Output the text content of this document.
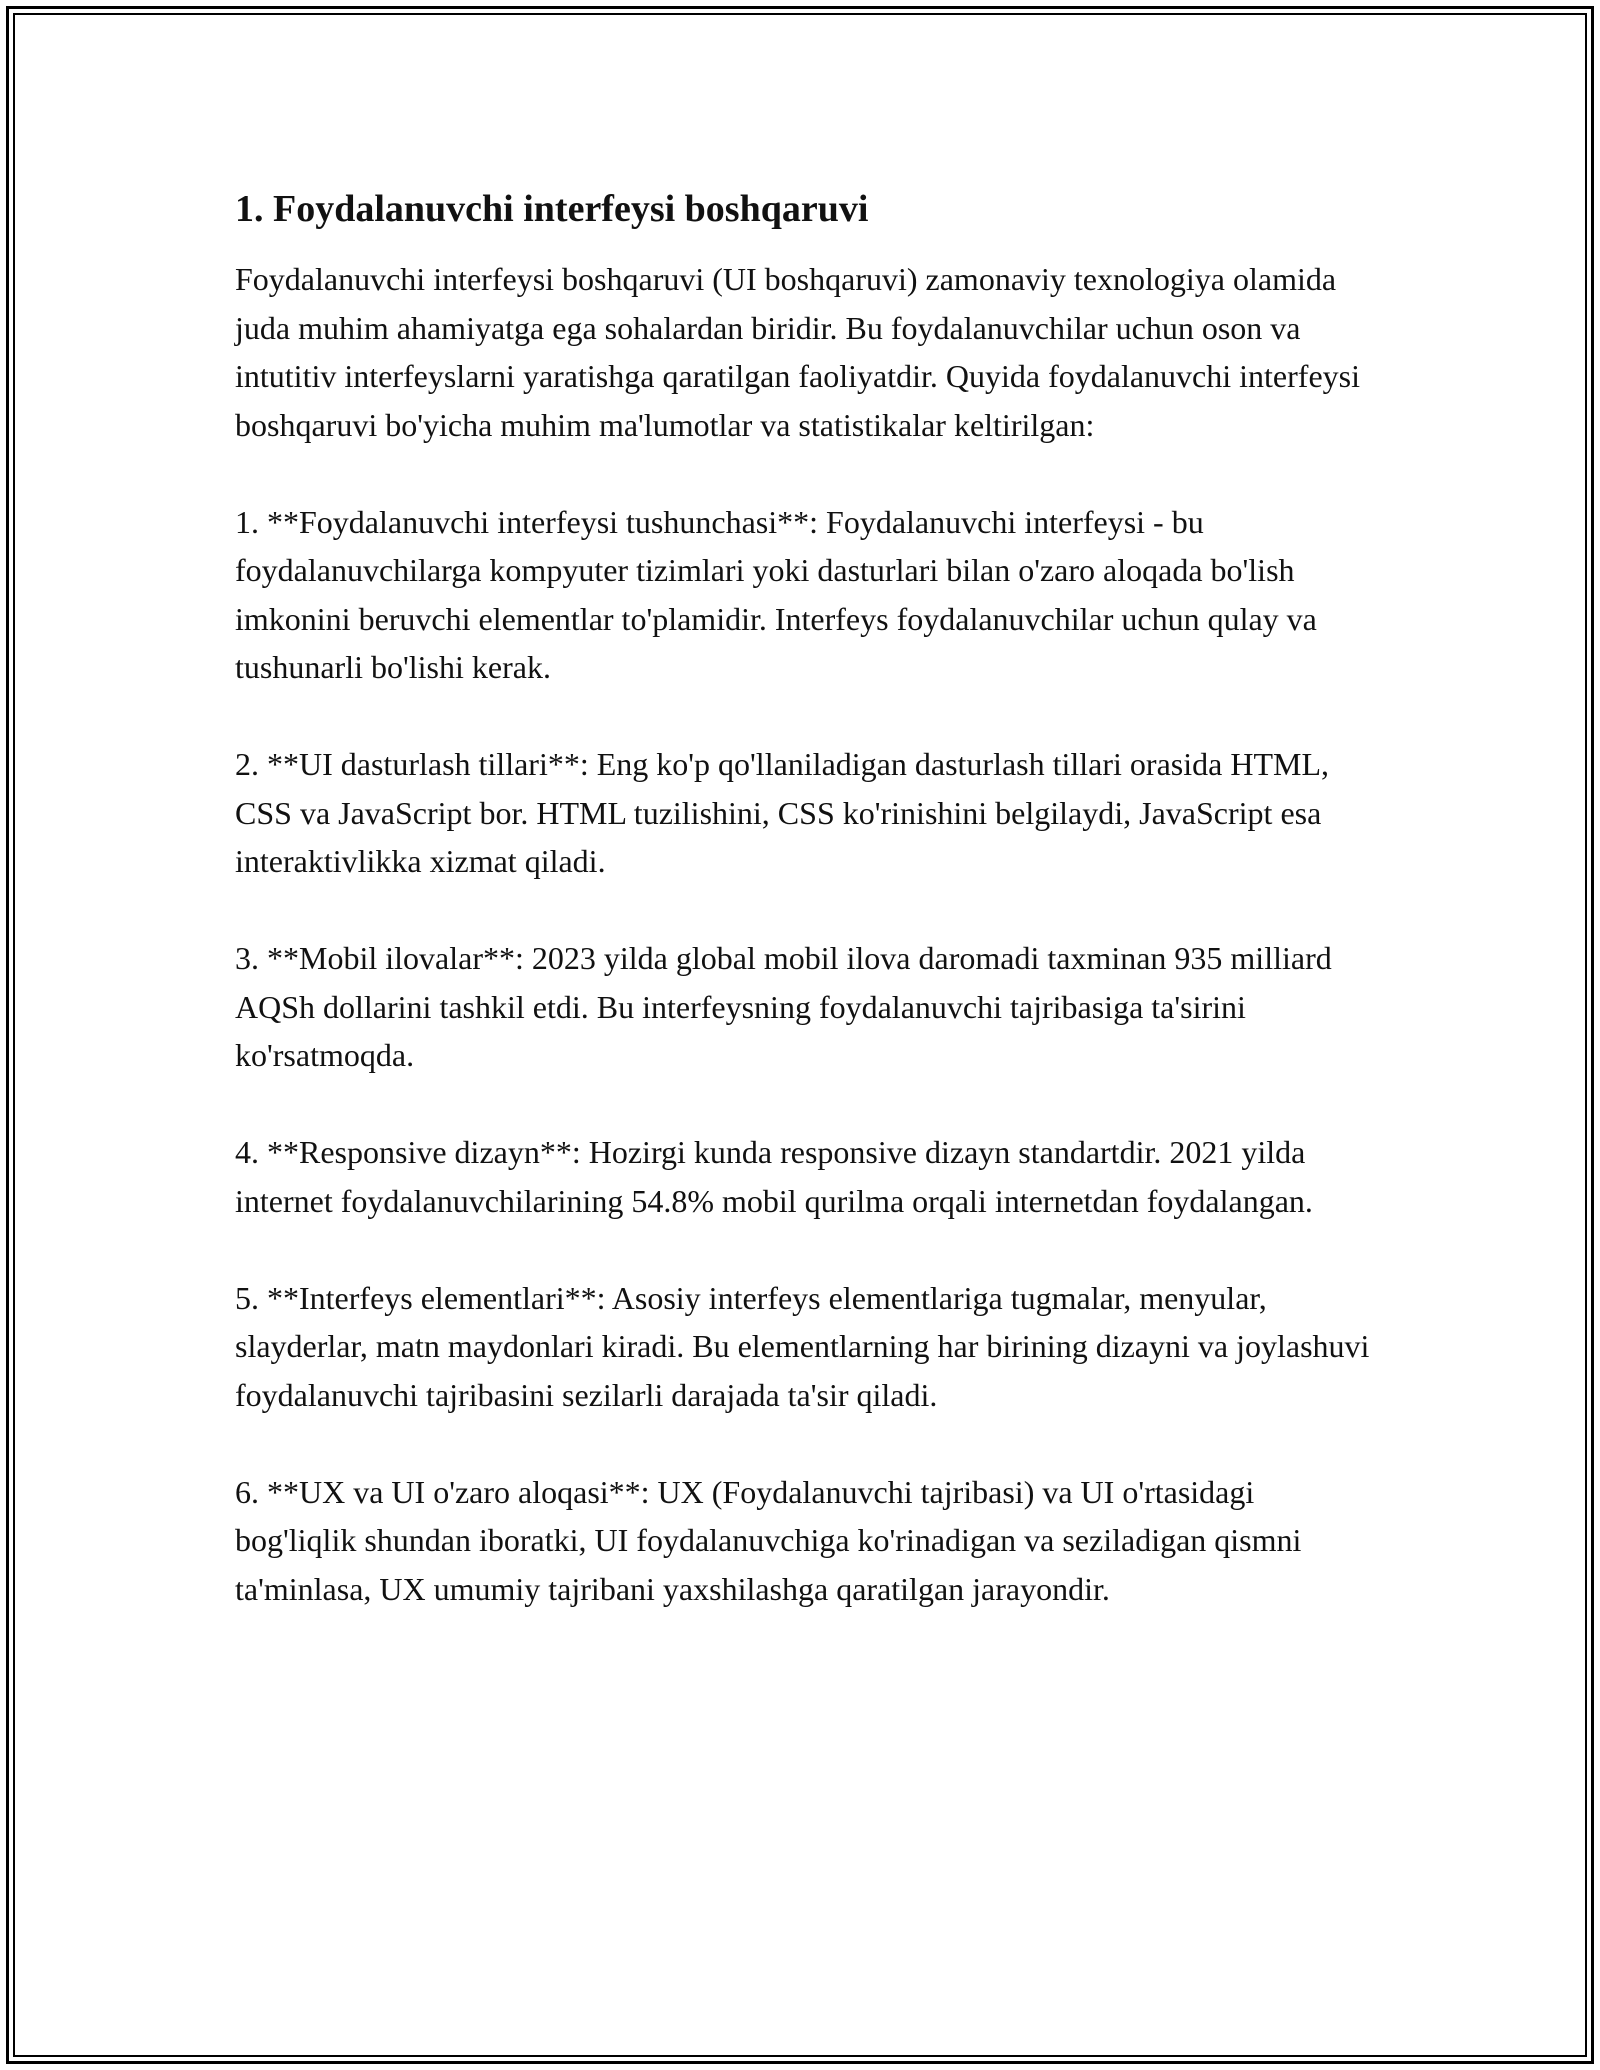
1. Foydalanuvchi interfeysi boshqaruvi

Foydalanuvchi interfeysi boshqaruvi (UI boshqaruvi) zamonaviy texnologiya olamida juda muhim ahamiyatga ega sohalardan biridir. Bu foydalanuvchilar uchun oson va intutitiv interfeyslarni yaratishga qaratilgan faoliyatdir. Quyida foydalanuvchi interfeysi boshqaruvi bo'yicha muhim ma'lumotlar va statistikalar keltirilgan:

1. **Foydalanuvchi interfeysi tushunchasi**: Foydalanuvchi interfeysi - bu foydalanuvchilarga kompyuter tizimlari yoki dasturlari bilan o'zaro aloqada bo'lish imkonini beruvchi elementlar to'plamidir. Interfeys foydalanuvchilar uchun qulay va tushunarli bo'lishi kerak.

2. **UI dasturlash tillari**: Eng ko'p qo'llaniladigan dasturlash tillari orasida HTML, CSS va JavaScript bor. HTML tuzilishini, CSS ko'rinishini belgilaydi, JavaScript esa interaktivlikka xizmat qiladi.

3. **Mobil ilovalar**: 2023 yilda global mobil ilova daromadi taxminan 935 milliard AQSh dollarini tashkil etdi. Bu interfeysning foydalanuvchi tajribasiga ta'sirini ko'rsatmoqda.

4. **Responsive dizayn**: Hozirgi kunda responsive dizayn standartdir. 2021 yilda internet foydalanuvchilarining 54.8% mobil qurilma orqali internetdan foydalangan.

5. **Interfeys elementlari**: Asosiy interfeys elementlariga tugmalar, menyular, slayderlar, matn maydonlari kiradi. Bu elementlarning har birining dizayni va joylashuvi foydalanuvchi tajribasini sezilarli darajada ta'sir qiladi.

6. **UX va UI o'zaro aloqasi**: UX (Foydalanuvchi tajribasi) va UI o'rtasidagi bog'liqlik shundan iboratki, UI foydalanuvchiga ko'rinadigan va seziladigan qismni ta'minlasa, UX umumiy tajribani yaxshilashga qaratilgan jarayondir.
